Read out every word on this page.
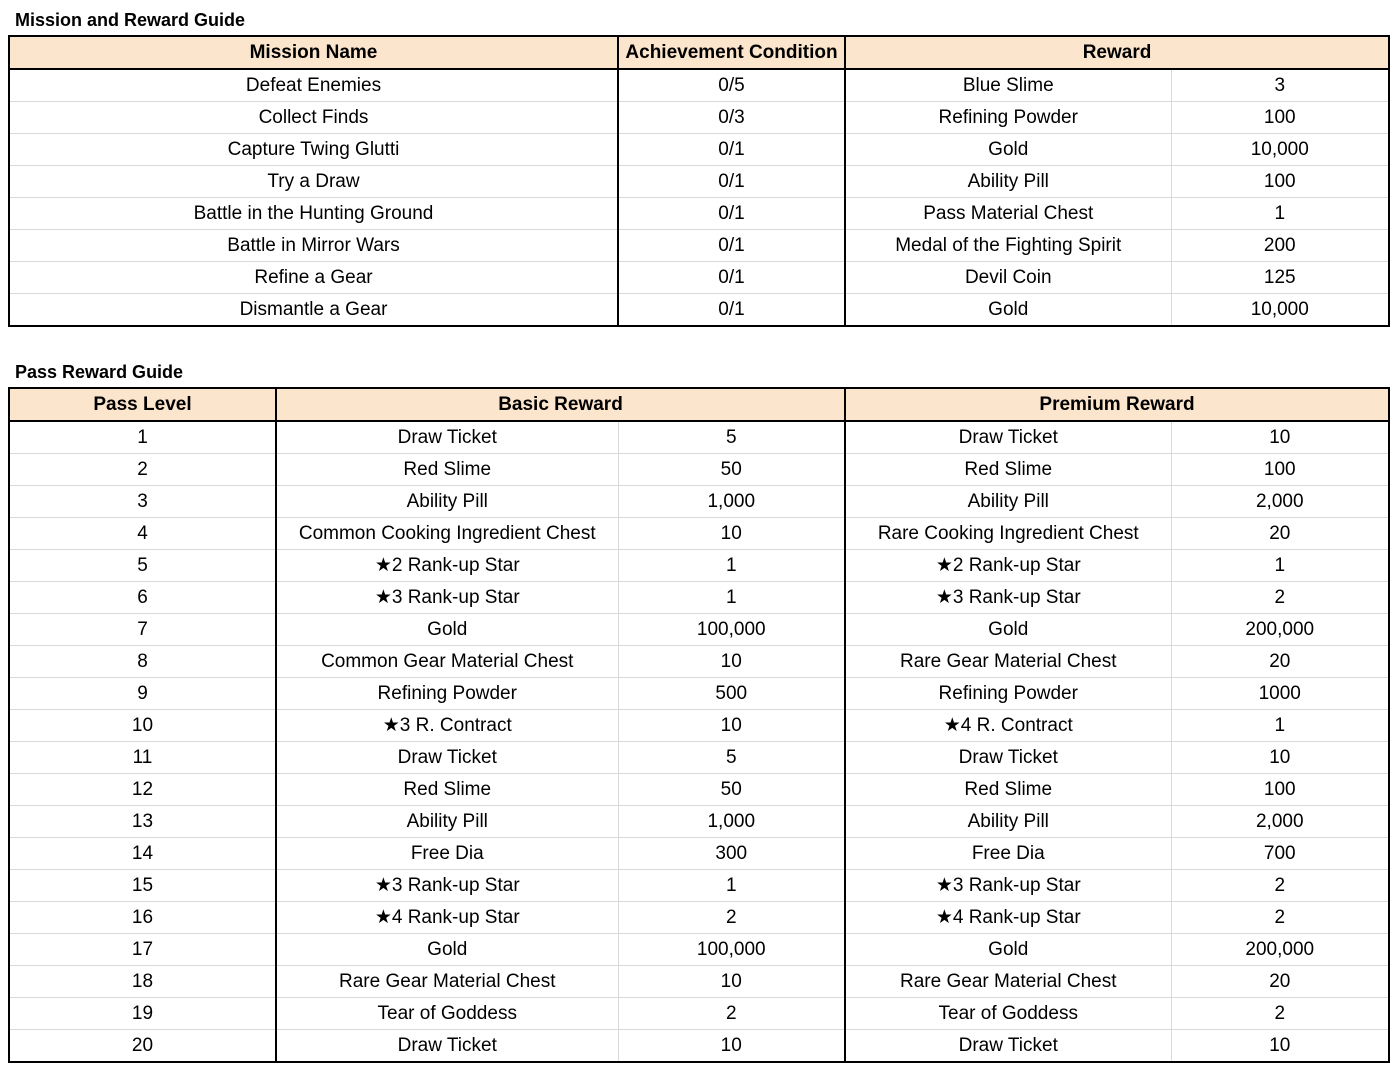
Mission and Reward Guide
Mission Name	Achievement Condition	Reward	
Defeat Enemies	0/5	Blue Slime	3
Collect Finds	0/3	Refining Powder	100
Capture Twing Glutti	0/1	Gold	10,000
Try a Draw	0/1	Ability Pill	100
Battle in the Hunting Ground	0/1	Pass Material Chest	1
Battle in Mirror Wars	0/1	Medal of the Fighting Spirit	200
Refine a Gear	0/1	Devil Coin	125
Dismantle a Gear	0/1	Gold	10,000
Pass Reward Guide
Pass Level	Basic Reward		Premium Reward	
1	Draw Ticket	5	Draw Ticket	10
2	Red Slime	50	Red Slime	100
3	Ability Pill	1,000	Ability Pill	2,000
4	Common Cooking Ingredient Chest	10	Rare Cooking Ingredient Chest	20
5	★2 Rank-up Star	1	★2 Rank-up Star	1
6	★3 Rank-up Star	1	★3 Rank-up Star	2
7	Gold	100,000	Gold	200,000
8	Common Gear Material Chest	10	Rare Gear Material Chest	20
9	Refining Powder	500	Refining Powder	1000
10	★3 R. Contract	10	★4 R. Contract	1
11	Draw Ticket	5	Draw Ticket	10
12	Red Slime	50	Red Slime	100
13	Ability Pill	1,000	Ability Pill	2,000
14	Free Dia	300	Free Dia	700
15	★3 Rank-up Star	1	★3 Rank-up Star	2
16	★4 Rank-up Star	2	★4 Rank-up Star	2
17	Gold	100,000	Gold	200,000
18	Rare Gear Material Chest	10	Rare Gear Material Chest	20
19	Tear of Goddess	2	Tear of Goddess	2
20	Draw Ticket	10	Draw Ticket	10
